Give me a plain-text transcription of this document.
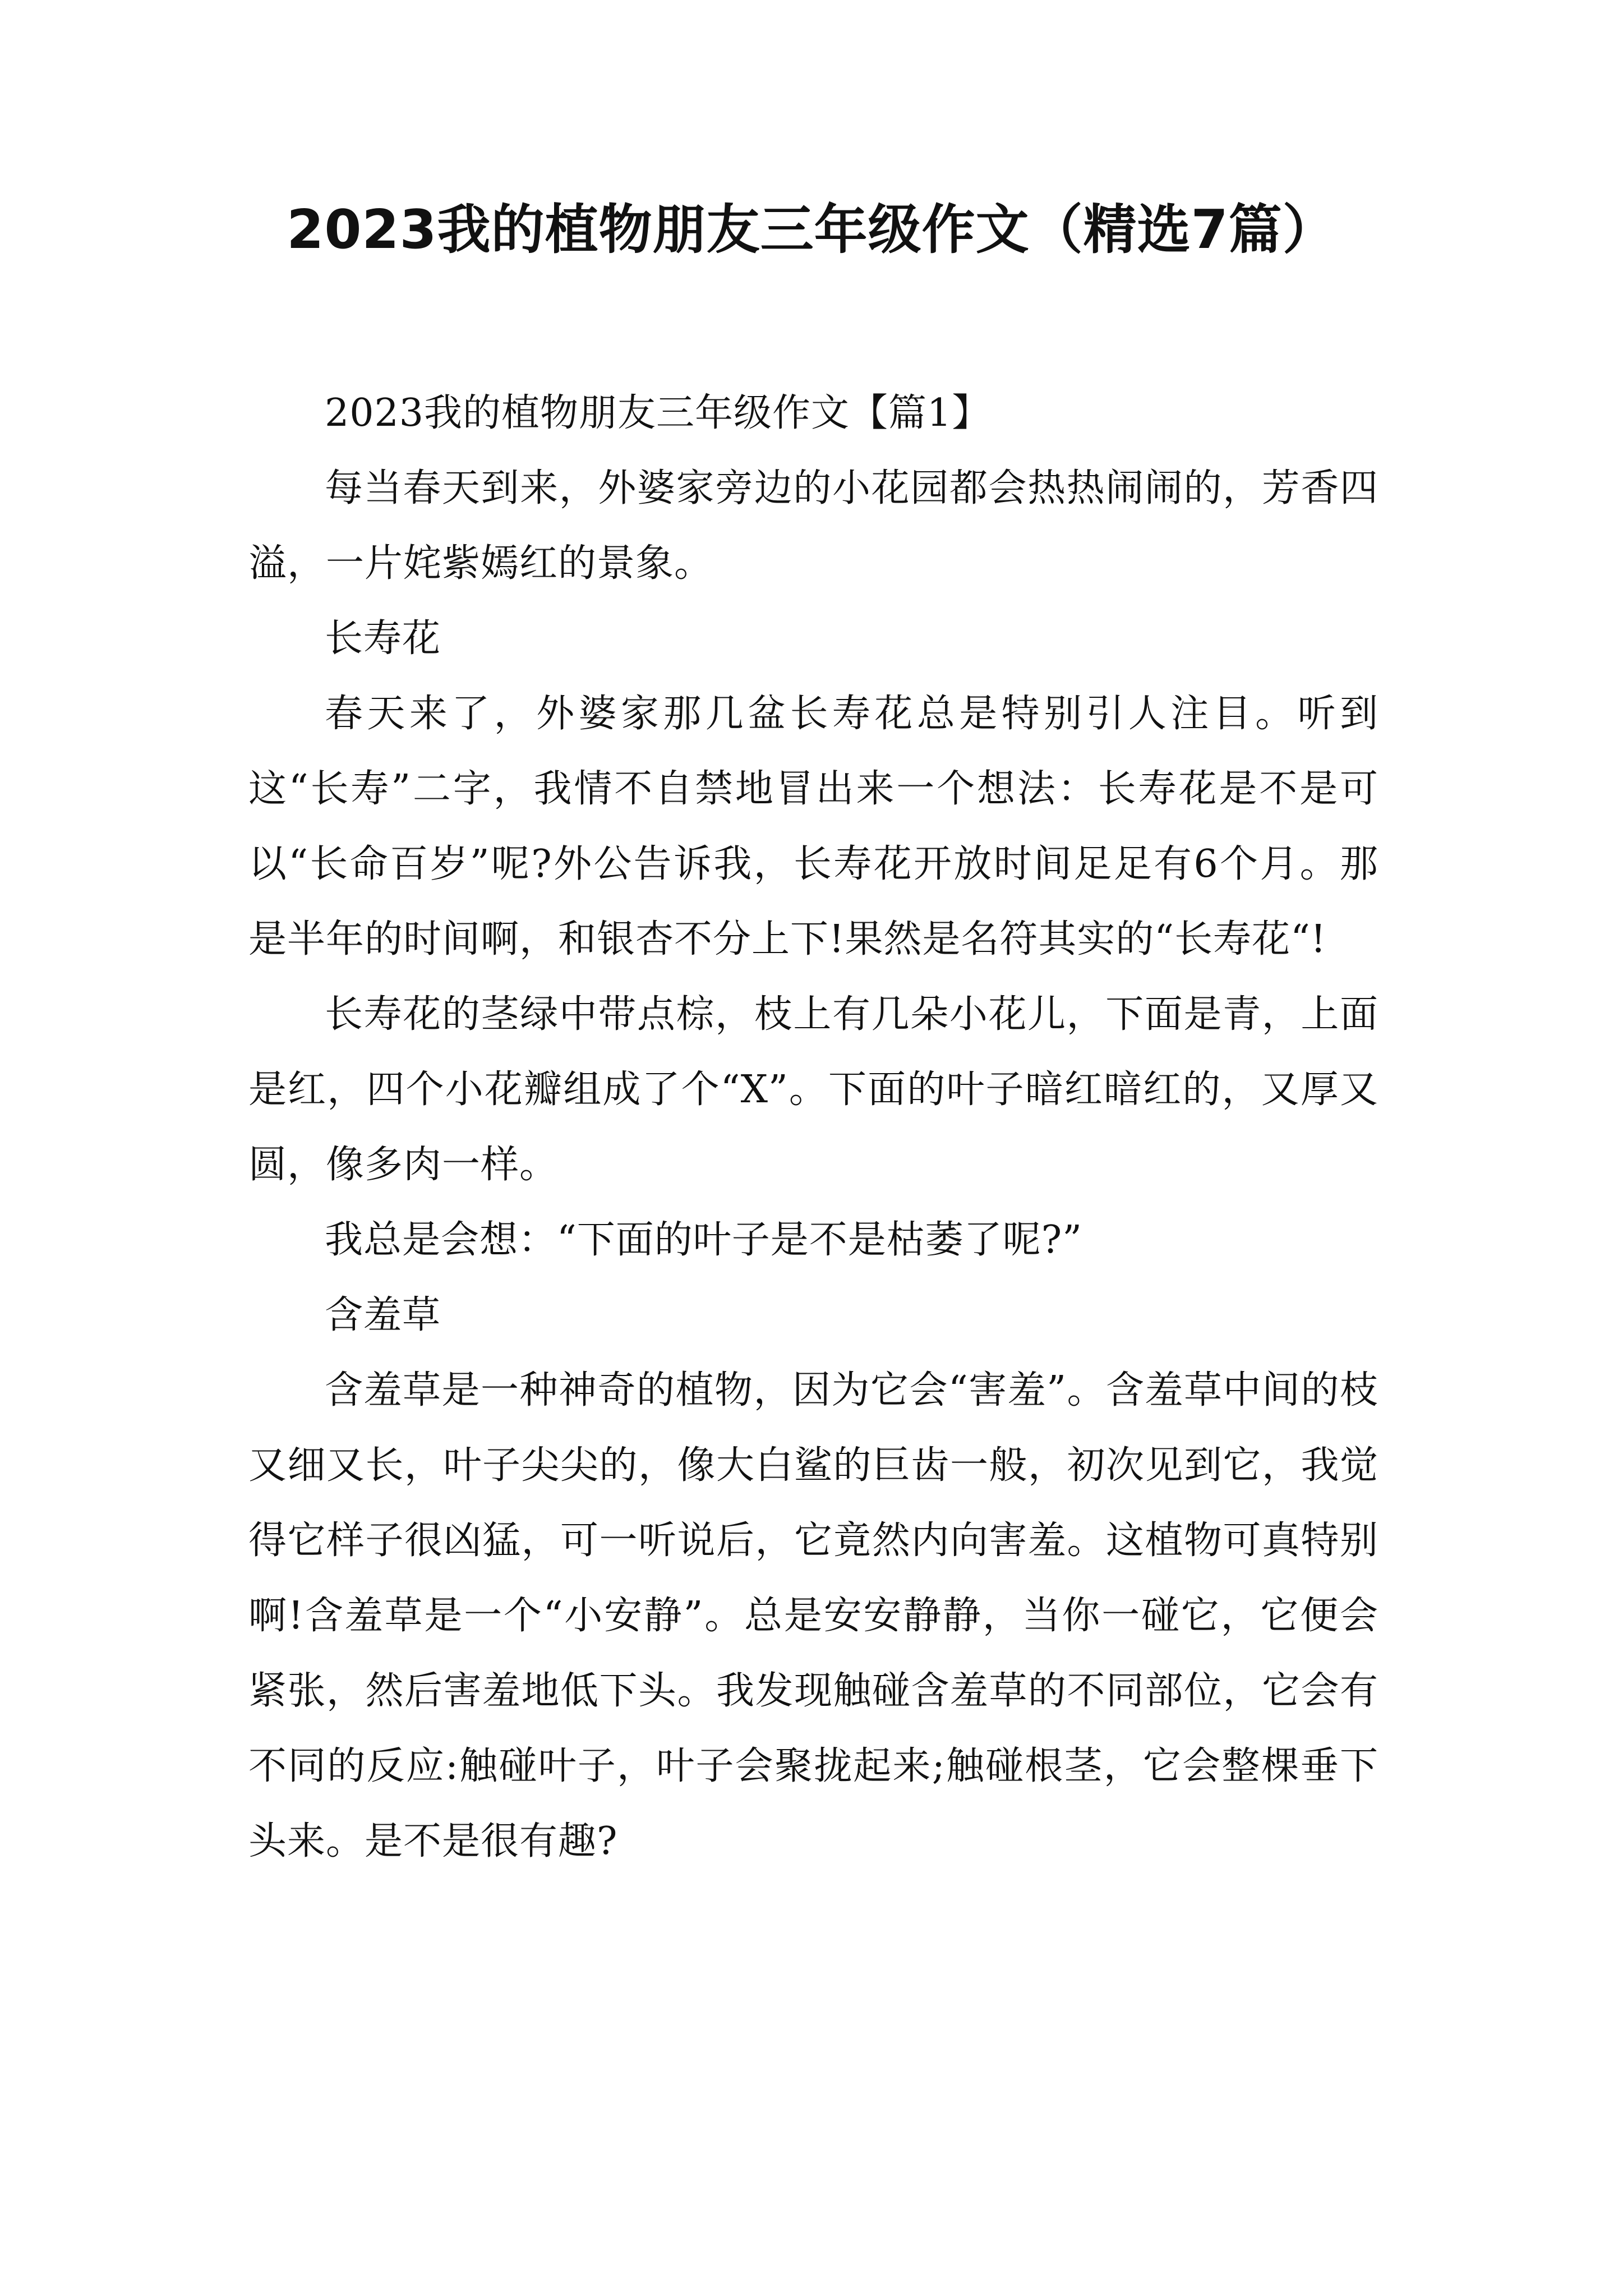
2023我的植物朋友三年级作文（精选7篇）

2023我的植物朋友三年级作文【篇1】

每当春天到来，外婆家旁边的小花园都会热热闹闹的，芳香四溢，一片姹紫嫣红的景象。

长寿花

春天来了，外婆家那几盆长寿花总是特别引人注目。听到这“长寿”二字，我情不自禁地冒出来一个想法：长寿花是不是可以“长命百岁”呢?外公告诉我，长寿花开放时间足足有6个月。那是半年的时间啊，和银杏不分上下!果然是名符其实的“长寿花“!

长寿花的茎绿中带点棕，枝上有几朵小花儿，下面是青，上面是红，四个小花瓣组成了个“X”。下面的叶子暗红暗红的，又厚又圆，像多肉一样。

我总是会想：“下面的叶子是不是枯萎了呢?”

含羞草

含羞草是一种神奇的植物，因为它会“害羞”。含羞草中间的枝又细又长，叶子尖尖的，像大白鲨的巨齿一般，初次见到它，我觉得它样子很凶猛，可一听说后，它竟然内向害羞。这植物可真特别啊!含羞草是一个“小安静”。总是安安静静，当你一碰它，它便会紧张，然后害羞地低下头。我发现触碰含羞草的不同部位，它会有不同的反应:触碰叶子，叶子会聚拢起来;触碰根茎，它会整棵垂下头来。是不是很有趣?
